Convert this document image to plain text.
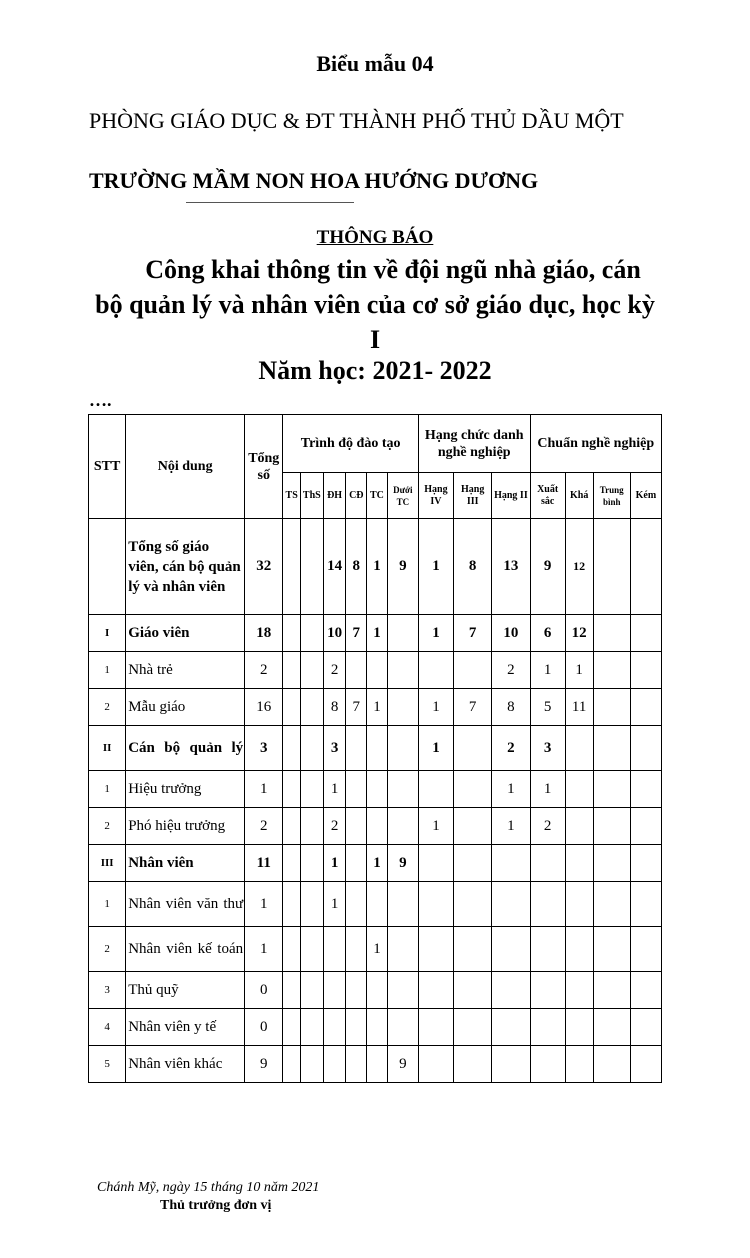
Biểu mẫu 04
PHÒNG GIÁO DỤC & ĐT THÀNH PHỐ THỦ DẦU MỘT
TRƯỜNG MẦM NON HOA HƯỚNG DƯƠNG
THÔNG BÁO
Công khai thông tin về đội ngũ nhà giáo, cán bộ quản lý và nhân viên của cơ sở giáo dục, học kỳ I
Năm học: 2021- 2022
….
STT	Nội dung	Tổng số	Trình độ đào tạo						Hạng chức danh nghề nghiệp			Chuẩn nghề nghiệp			
			TS	ThS	ĐH	CĐ	TC	Dưới TC	Hạng IV	Hạng III	Hạng II	Xuất sắc	Khá	Trung bình	Kém
	Tổng số giáo viên, cán bộ quản lý và nhân viên	32			14	8	1	9	1	8	13	9	12		
I	Giáo viên	18			10	7	1		1	7	10	6	12		
1	Nhà trẻ	2			2						2	1	1		
2	Mẫu giáo	16			8	7	1		1	7	8	5	11		
II	Cán bộ quản lý	3			3				1		2	3			
1	Hiệu trưởng	1			1						1	1			
2	Phó hiệu trưởng	2			2				1		1	2			
III	Nhân viên	11			1		1	9							
1	Nhân viên văn thư	1			1										
2	Nhân viên kế toán	1					1								
3	Thủ quỹ	0													
4	Nhân viên y tế	0													
5	Nhân viên khác	9						9							
Chánh Mỹ, ngày 15 tháng 10 năm 2021
Thủ trưởng đơn vị
